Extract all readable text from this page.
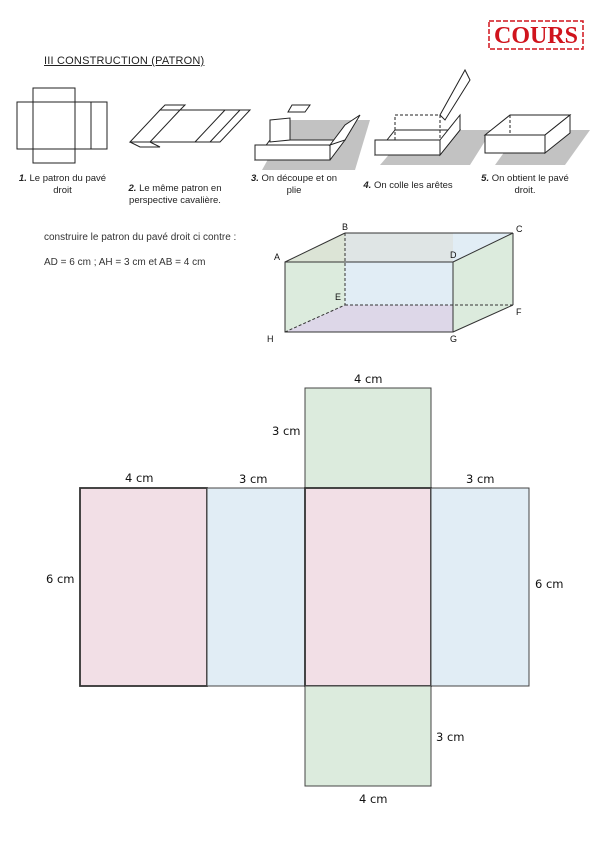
COURS
III CONSTRUCTION (PATRON)
1. Le patron du pavé
droit	2. Le même patron en
perspective cavalière.
3. On découpe et on
plie	4. On colle les arêtes
5. On obtient le pavé
droit.
construire le patron du pavé droit ci contre :
AD = 6 cm ; AH = 3 cm et AB = 4 cm	A
B	C
D
E
F
G
H
4 cm
3 cm
4 cm	3 cm	3 cm
6 cm	6 cm
3 cm
4 cm
